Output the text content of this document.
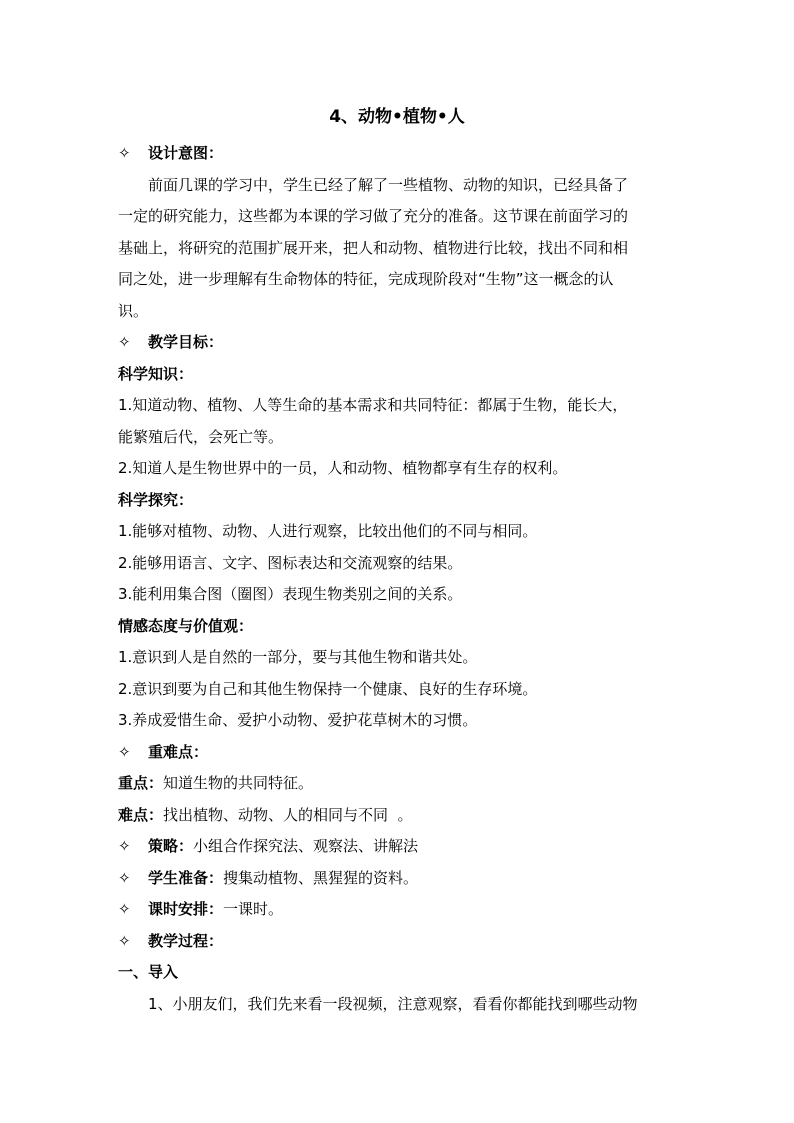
4、动物•植物•人
✧ 设计意图：
前面几课的学习中，学生已经了解了一些植物、动物的知识，已经具备了
一定的研究能力，这些都为本课的学习做了充分的准备。这节课在前面学习的
基础上，将研究的范围扩展开来，把人和动物、植物进行比较，找出不同和相
同之处，进一步理解有生命物体的特征，完成现阶段对“生物”这一概念的认
识。
✧ 教学目标：
科学知识：
1.知道动物、植物、人等生命的基本需求和共同特征：都属于生物，能长大，
能繁殖后代，会死亡等。
2.知道人是生物世界中的一员，人和动物、植物都享有生存的权利。
科学探究：
1.能够对植物、动物、人进行观察，比较出他们的不同与相同。
2.能够用语言、文字、图标表达和交流观察的结果。
3.能利用集合图（圈图）表现生物类别之间的关系。
情感态度与价值观：
1.意识到人是自然的一部分，要与其他生物和谐共处。
2.意识到要为自己和其他生物保持一个健康、良好的生存环境。
3.养成爱惜生命、爱护小动物、爱护花草树木的习惯。
✧ 重难点：
重点：知道生物的共同特征。
难点：找出植物、动物、人的相同与不同  。
✧ 策略：小组合作探究法、观察法、讲解法
✧ 学生准备：搜集动植物、黑猩猩的资料。
✧ 课时安排：一课时。
✧ 教学过程：
一、导入
1、小朋友们，我们先来看一段视频，注意观察，看看你都能找到哪些动物
